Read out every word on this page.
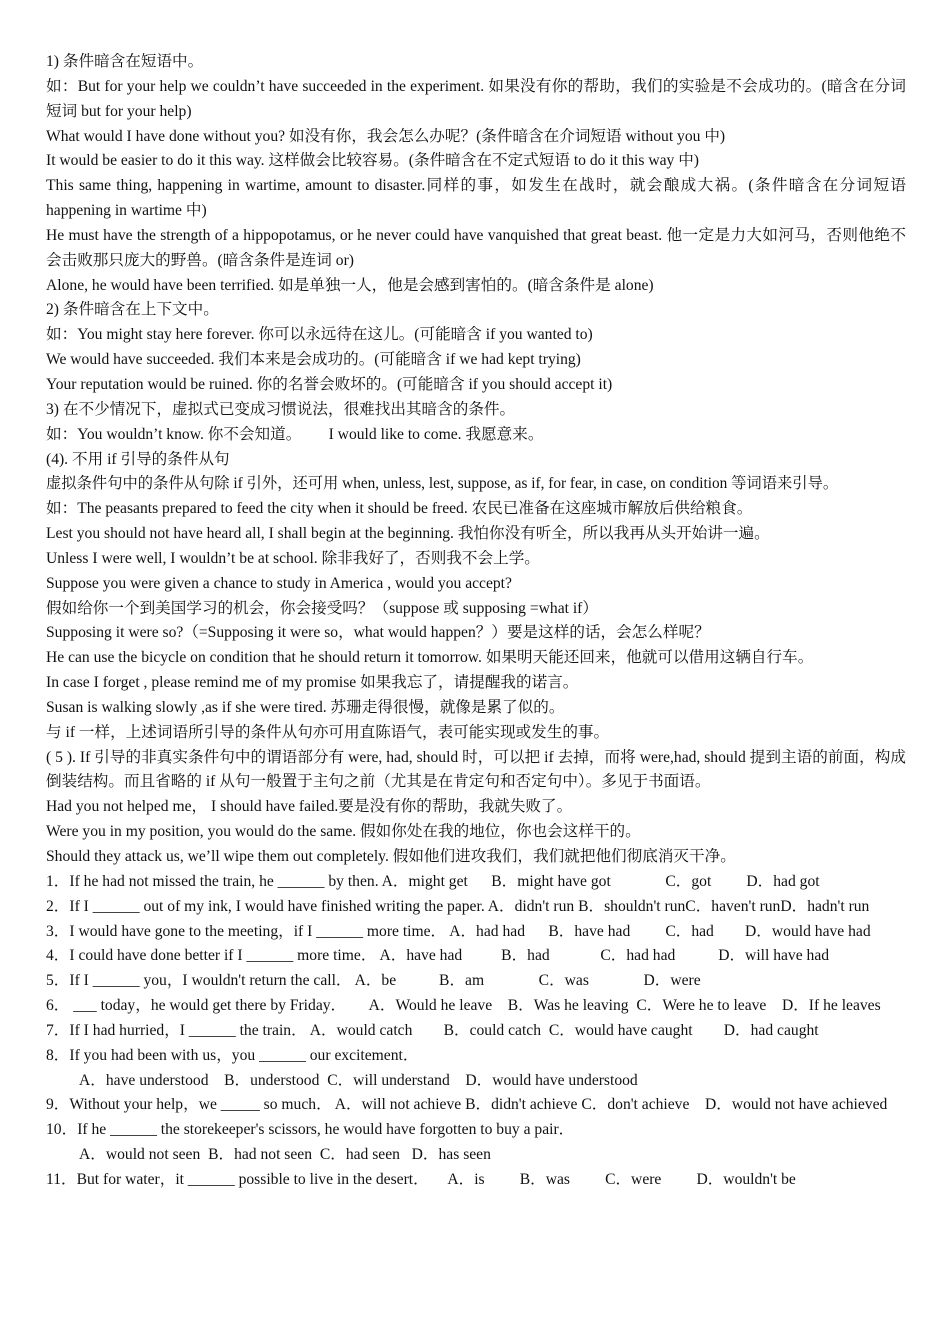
1) 条件暗含在短语中。
如：But for your help we couldn’t have succeeded in the experiment. 如果没有你的帮助，我们的实验是不会成功的。(暗含在分词短词 but for your help)
What would I have done without you? 如没有你，我会怎么办呢？(条件暗含在介词短语 without you 中)
It would be easier to do it this way. 这样做会比较容易。(条件暗含在不定式短语 to do it this way 中)
This same thing, happening in wartime, amount to disaster.同样的事，如发生在战时，就会酿成大祸。(条件暗含在分词短语 happening in wartime 中)
He must have the strength of a hippopotamus, or he never could have vanquished that great beast. 他一定是力大如河马，否则他绝不会击败那只庞大的野兽。(暗含条件是连词 or)
Alone, he would have been terrified. 如是单独一人，他是会感到害怕的。(暗含条件是 alone)
2) 条件暗含在上下文中。
如：You might stay here forever. 你可以永远待在这儿。(可能暗含 if you wanted to)
We would have succeeded. 我们本来是会成功的。(可能暗含 if we had kept trying)
Your reputation would be ruined. 你的名誉会败坏的。(可能暗含 if you should accept it)
3) 在不少情况下，虚拟式已变成习惯说法，很难找出其暗含的条件。
如：You wouldn’t know. 你不会知道。       I would like to come. 我愿意来。
(4). 不用 if 引导的条件从句
虚拟条件句中的条件从句除 if 引外，还可用 when, unless, lest, suppose, as if, for fear, in case, on condition 等词语来引导。
如：The peasants prepared to feed the city when it should be freed. 农民已准备在这座城市解放后供给粮食。
Lest you should not have heard all, I shall begin at the beginning. 我怕你没有听全，所以我再从头开始讲一遍。
Unless I were well, I wouldn’t be at school. 除非我好了，否则我不会上学。
Suppose you were given a chance to study in America , would you accept?
假如给你一个到美国学习的机会，你会接受吗？（suppose 或 supposing =what if）
Supposing it were so?（=Supposing it were so，what would happen？）要是这样的话，会怎么样呢？
He can use the bicycle on condition that he should return it tomorrow. 如果明天能还回来，他就可以借用这辆自行车。
In case I forget , please remind me of my promise 如果我忘了，请提醒我的诺言。
Susan is walking slowly ,as if she were tired. 苏珊走得很慢，就像是累了似的。
与 if 一样，上述词语所引导的条件从句亦可用直陈语气，表可能实现或发生的事。
( 5 ). If 引导的非真实条件句中的谓语部分有 were, had, should 时，可以把 if 去掉，而将 were,had, should 提到主语的前面，构成倒装结构。而且省略的 if 从句一般置于主句之前（尤其是在肯定句和否定句中）。多见于书面语。
Had you not helped me， I should have failed.要是没有你的帮助，我就失败了。
Were you in my position, you would do the same. 假如你处在我的地位，你也会这样干的。
Should they attack us, we’ll wipe them out completely. 假如他们进攻我们，我们就把他们彻底消灭干净。
1．If he had not missed the train, he ______ by then. A．might get B．might have got	C．got D．had got
2．If I ______ out of my ink, I would have finished writing the paper. A．didn't run B．shouldn't runC．haven't runD．hadn't run
3．I would have gone to the meeting，if I ______ more time． A．had had B．have had C．had D．would have had
4．I could have done better if I ______ more time． A．have had B．had	C．had had	D．will have had
5．If I ______ you，I wouldn't return the call． A．be	B．am	C．was	D．were
6． ___ today，he would get there by Friday． A．Would he leave B．Was he leaving C．Were he to leave D．If he leaves
7．If I had hurried，I ______ the train． A．would catch B．could catch C．would have caught D．had caught
8．If you had been with us，you ______ our excitement．
A．have understood B．understood C．will understand D．would have understood
9．Without your help，we _____ so much． A．will not achieve B．didn't achieve C．don't achieve D．would not have achieved
10．If he ______ the storekeeper's scissors, he would have forgotten to buy a pair．
A．would not seen B．had not seen C．had seen D．has seen
11．But for water，it ______ possible to live in the desert． A．is B．was C．were D．wouldn't be
